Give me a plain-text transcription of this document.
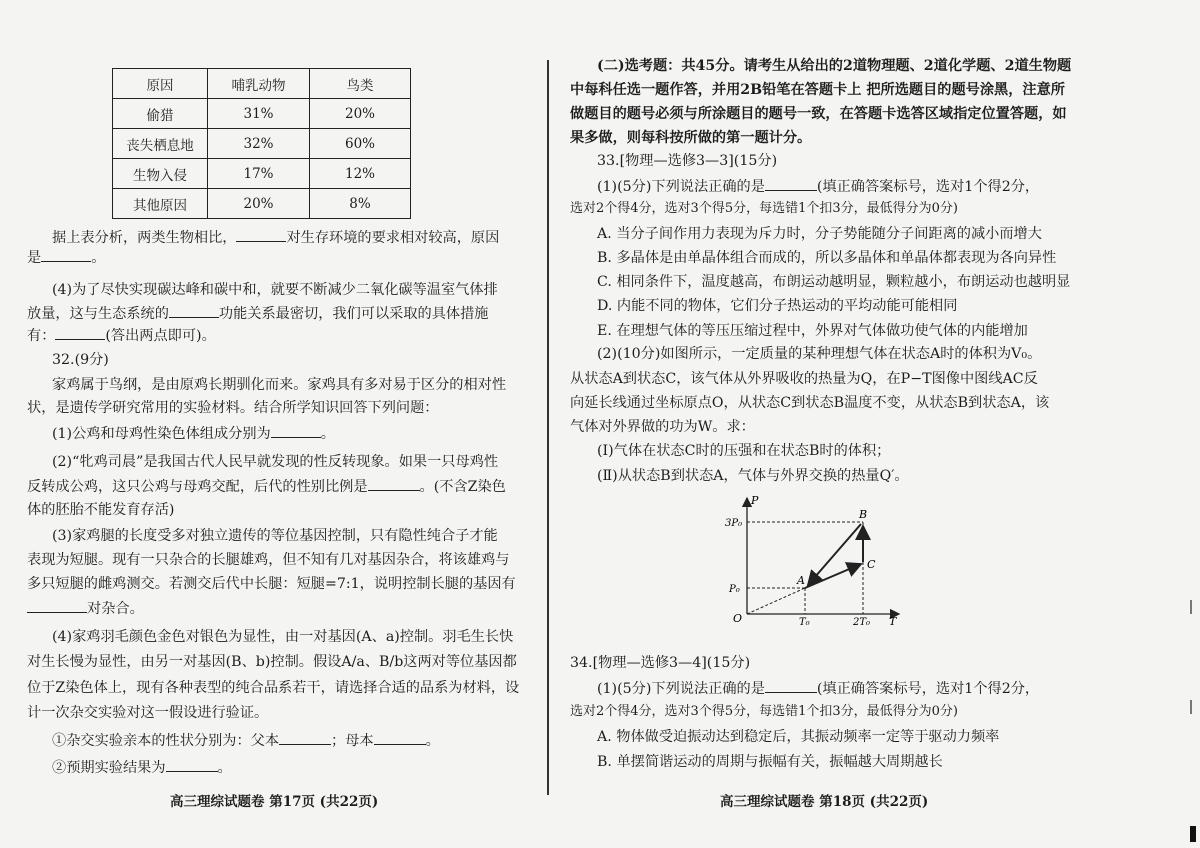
原因	哺乳动物	鸟类
偷猎	31%	20%
丧失栖息地	32%	60%
生物入侵	17%	12%
其他原因	20%	8%
据上表分析，两类生物相比，	对生存环境的要求相对较高，原因
是	。
(4)为了尽快实现碳达峰和碳中和，就要不断减少二氧化碳等温室气体排
放量，这与生态系统的	功能关系最密切，我们可以采取的具体措施
有：	(答出两点即可)。
32.(9分)
家鸡属于鸟纲，是由原鸡长期驯化而来。家鸡具有多对易于区分的相对性
状，是遗传学研究常用的实验材料。结合所学知识回答下列问题：
(1)公鸡和母鸡性染色体组成分别为	。
(2)“牝鸡司晨”是我国古代人民早就发现的性反转现象。如果一只母鸡性
反转成公鸡，这只公鸡与母鸡交配，后代的性别比例是	。(不含Z染色
体的胚胎不能发育存活)
(3)家鸡腿的长度受多对独立遗传的等位基因控制，只有隐性纯合子才能
表现为短腿。现有一只杂合的长腿雄鸡，但不知有几对基因杂合，将该雄鸡与
多只短腿的雌鸡测交。若测交后代中长腿：短腿=7:1，说明控制长腿的基因有
对杂合。
(4)家鸡羽毛颜色金色对银色为显性，由一对基因(A、a)控制。羽毛生长快
对生长慢为显性，由另一对基因(B、b)控制。假设A/a、B/b这两对等位基因都
位于Z染色体上，现有各种表型的纯合品系若干，请选择合适的品系为材料，设
计一次杂交实验对这一假设进行验证。
①杂交实验亲本的性状分别为：父本	；母本	。
②预期实验结果为	。
高三理综试题卷 第17页 (共22页)
(二)选考题：共45分。请考生从给出的2道物理题、2道化学题、2道生物题
中每科任选一题作答，并用2B铅笔在答题卡上 把所选题目的题号涂黑，注意所
做题目的题号必须与所涂题目的题号一致，在答题卡选答区域指定位置答题，如
果多做，则每科按所做的第一题计分。
33.[物理—选修3—3](15分)
(1)(5分)下列说法正确的是	(填正确答案标号，选对1个得2分，
选对2个得4分，选对3个得5分，每选错1个扣3分，最低得分为0分)
A. 当分子间作用力表现为斥力时，分子势能随分子间距离的减小而增大
B. 多晶体是由单晶体组合而成的，所以多晶体和单晶体都表现为各向异性
C. 相同条件下，温度越高，布朗运动越明显，颗粒越小，布朗运动也越明显
D. 内能不同的物体，它们分子热运动的平均动能可能相同
E. 在理想气体的等压压缩过程中，外界对气体做功使气体的内能增加
(2)(10分)如图所示，一定质量的某种理想气体在状态A时的体积为V₀。
从状态A到状态C，该气体从外界吸收的热量为Q，在P−T图像中图线AC反
向延长线通过坐标原点O，从状态C到状态B温度不变，从状态B到状态A，该
气体对外界做的功为W。求：
(Ⅰ)气体在状态C时的压强和在状态B时的体积；
(Ⅱ)从状态B到状态A，气体与外界交换的热量Q′。
34.[物理—选修3—4](15分)
(1)(5分)下列说法正确的是	(填正确答案标号，选对1个得2分，
选对2个得4分，选对3个得5分，每选错1个扣3分，最低得分为0分)
A. 物体做受迫振动达到稳定后，其振动频率一定等于驱动力频率
B. 单摆简谐运动的周期与振幅有关，振幅越大周期越长
高三理综试题卷 第18页 (共22页)
P
T
O
3P₀
P₀
T₀	2T₀
A
B
C
